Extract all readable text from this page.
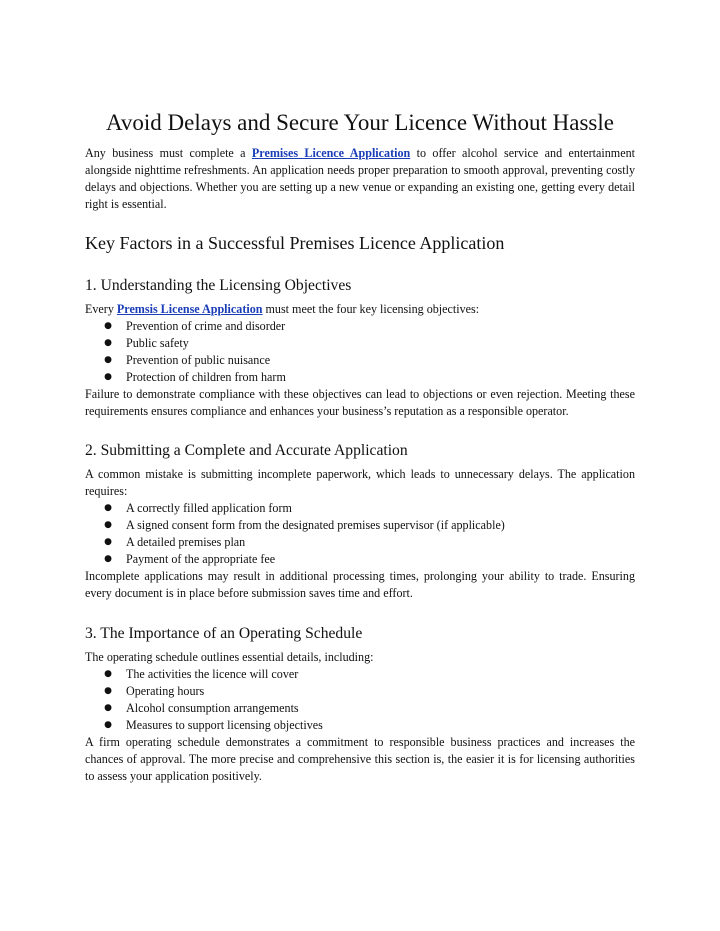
Avoid Delays and Secure Your Licence Without Hassle

Any business must complete a Premises Licence Application to offer alcohol service and entertainment alongside nighttime refreshments. An application needs proper preparation to smooth approval, preventing costly delays and objections. Whether you are setting up a new venue or expanding an existing one, getting every detail right is essential.

Key Factors in a Successful Premises Licence Application
1. Understanding the Licensing Objectives

Every Premsis License Application must meet the four key licensing objectives:

● Prevention of crime and disorder
● Public safety
● Prevention of public nuisance
● Protection of children from harm

Failure to demonstrate compliance with these objectives can lead to objections or even rejection. Meeting these requirements ensures compliance and enhances your business’s reputation as a responsible operator.

2. Submitting a Complete and Accurate Application

A common mistake is submitting incomplete paperwork, which leads to unnecessary delays. The application requires:

● A correctly filled application form
● A signed consent form from the designated premises supervisor (if applicable)
● A detailed premises plan
● Payment of the appropriate fee

Incomplete applications may result in additional processing times, prolonging your ability to trade. Ensuring every document is in place before submission saves time and effort.

3. The Importance of an Operating Schedule

The operating schedule outlines essential details, including:

● The activities the licence will cover
● Operating hours
● Alcohol consumption arrangements
● Measures to support licensing objectives

A firm operating schedule demonstrates a commitment to responsible business practices and increases the chances of approval. The more precise and comprehensive this section is, the easier it is for licensing authorities to assess your application positively.
